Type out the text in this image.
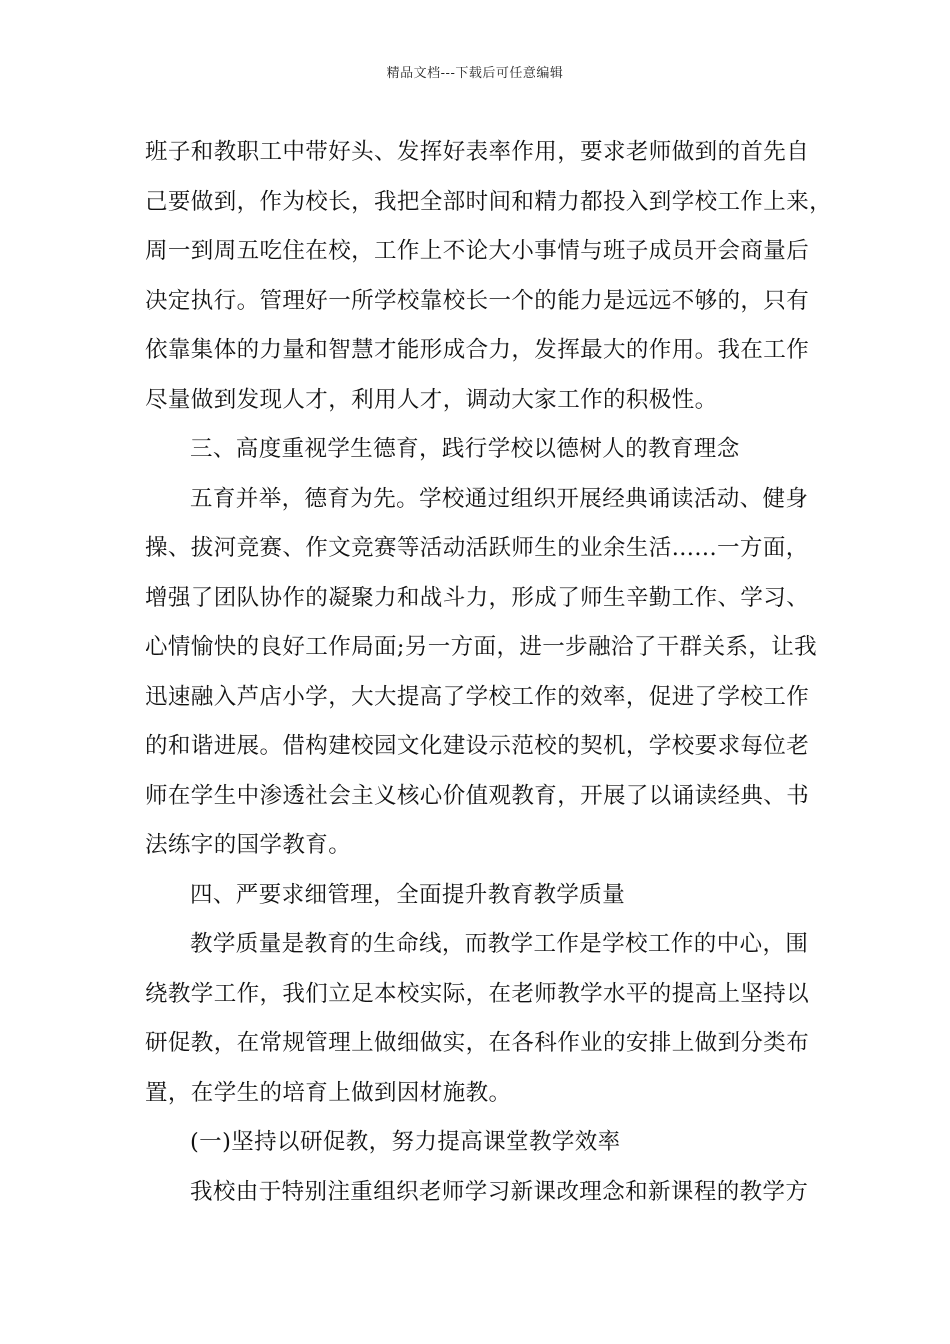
精品文档---下载后可任意编辑
班子和教职工中带好头、发挥好表率作用，要求老师做到的首先自
己要做到，作为校长，我把全部时间和精力都投入到学校工作上来，
周一到周五吃住在校，工作上不论大小事情与班子成员开会商量后
决定执行。管理好一所学校靠校长一个的能力是远远不够的，只有
依靠集体的力量和智慧才能形成合力，发挥最大的作用。我在工作
尽量做到发现人才，利用人才，调动大家工作的积极性。
三、高度重视学生德育，践行学校以德树人的教育理念
五育并举，德育为先。学校通过组织开展经典诵读活动、健身
操、拔河竞赛、作文竞赛等活动活跃师生的业余生活......一方面，
增强了团队协作的凝聚力和战斗力，形成了师生辛勤工作、学习、
心情愉快的良好工作局面;另一方面，进一步融洽了干群关系，让我
迅速融入芦店小学，大大提高了学校工作的效率，促进了学校工作
的和谐进展。借构建校园文化建设示范校的契机，学校要求每位老
师在学生中渗透社会主义核心价值观教育，开展了以诵读经典、书
法练字的国学教育。
四、严要求细管理，全面提升教育教学质量
教学质量是教育的生命线，而教学工作是学校工作的中心，围
绕教学工作，我们立足本校实际，在老师教学水平的提高上坚持以
研促教，在常规管理上做细做实，在各科作业的安排上做到分类布
置，在学生的培育上做到因材施教。
(一)坚持以研促教，努力提高课堂教学效率
我校由于特别注重组织老师学习新课改理念和新课程的教学方
